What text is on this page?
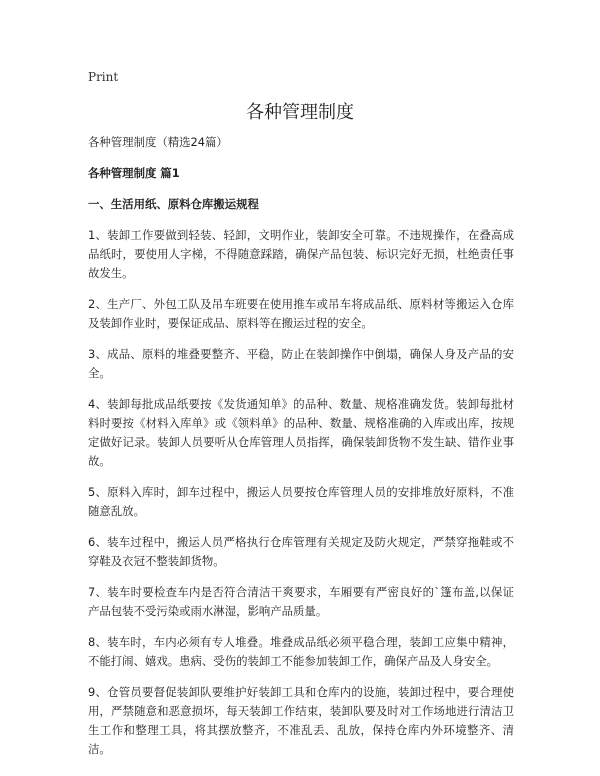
Print
各种管理制度

各种管理制度（精选24篇）

各种管理制度 篇1

一、生活用纸、原料仓库搬运规程

1、装卸工作要做到轻装、轻卸，文明作业，装卸安全可靠。不违规操作，在叠高成品纸时，要使用人字梯，不得随意踩踏，确保产品包装、标识完好无损，杜绝责任事故发生。

2、生产厂、外包工队及吊车班要在使用推车或吊车将成品纸、原料材等搬运入仓库及装卸作业时，要保证成品、原料等在搬运过程的安全。

3、成品、原料的堆叠要整齐、平稳，防止在装卸操作中倒塌，确保人身及产品的安全。

4、装卸每批成品纸要按《发货通知单》的品种、数量、规格准确发货。装卸每批材料时要按《材料入库单》或《领料单》的品种、数量、规格准确的入库或出库，按规定做好记录。装卸人员要听从仓库管理人员指挥，确保装卸货物不发生缺、错作业事故。

5、原料入库时，卸车过程中，搬运人员要按仓库管理人员的安排堆放好原料，不准随意乱放。

6、装车过程中，搬运人员严格执行仓库管理有关规定及防火规定，严禁穿拖鞋或不穿鞋及衣冠不整装卸货物。

7、装车时要检查车内是否符合清洁干爽要求，车厢要有严密良好的`篷布盖,以保证产品包装不受污染或雨水淋湿，影响产品质量。

8、装车时，车内必须有专人堆叠。堆叠成品纸必须平稳合理，装卸工应集中精神，不能打闹、嬉戏。患病、受伤的装卸工不能参加装卸工作，确保产品及人身安全。

9、仓管员要督促装卸队要维护好装卸工具和仓库内的设施，装卸过程中，要合理使用，严禁随意和恶意损坏，每天装卸工作结束，装卸队要及时对工作场地进行清洁卫生工作和整理工具，将其摆放整齐，不准乱丢、乱放，保持仓库内外环境整齐、清洁。
